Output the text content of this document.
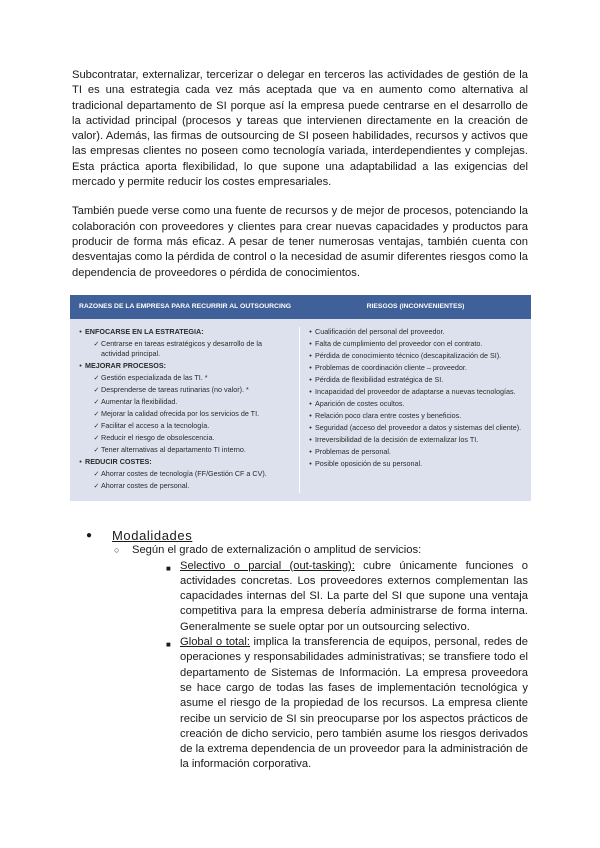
Subcontratar, externalizar, tercerizar o delegar en terceros las actividades de gestión de la TI es una estrategia cada vez más aceptada que va en aumento como alternativa al tradicional departamento de SI porque así la empresa puede centrarse en el desarrollo de la actividad principal (procesos y tareas que intervienen directamente en la creación de valor). Además, las firmas de outsourcing de SI poseen habilidades, recursos y activos que las empresas clientes no poseen como tecnología variada, interdependientes y complejas. Esta práctica aporta flexibilidad, lo que supone una adaptabilidad a las exigencias del mercado y permite reducir los costes empresariales.

También puede verse como una fuente de recursos y de mejor de procesos, potenciando la colaboración con proveedores y clientes para crear nuevas capacidades y productos para producir de forma más eficaz. A pesar de tener numerosas ventajas, también cuenta con desventajas como la pérdida de control o la necesidad de asumir diferentes riesgos como la dependencia de proveedores o pérdida de conocimientos.

RAZONES DE LA EMPRESA PARA RECURRIR AL OUTSOURCING	RIESGOS (INCONVENIENTES)
• ENFOCARSE EN LA ESTRATEGIA:
✓ Centrarse en tareas estratégicos y desarrollo de la actividad principal.
• MEJORAR PROCESOS:
✓ Gestión especializada de las TI. *
✓ Desprenderse de tareas rutinarias (no valor). *
✓ Aumentar la flexibilidad.
✓ Mejorar la calidad ofrecida por los servicios de TI.
✓ Facilitar el acceso a la tecnología.
✓ Reducir el riesgo de obsolescencia.
✓ Tener alternativas al departamento TI interno.
• REDUCIR COSTES:
✓ Ahorrar costes de tecnología (FF/Gestión CF a CV).
✓ Ahorrar costes de personal.
• Cualificación del personal del proveedor.
• Falta de cumplimiento del proveedor con el contrato.
• Pérdida de conocimiento técnico (descapitalización de SI).
• Problemas de coordinación cliente – proveedor.
• Pérdida de flexibilidad estratégica de SI.
• Incapacidad del proveedor de adaptarse a nuevas tecnologías.
• Aparición de costes ocultos.
• Relación poco clara entre costes y beneficios.
• Seguridad (acceso del proveedor a datos y sistemas del cliente).
• Irreversibilidad de la decisión de externalizar los TI.
• Problemas de personal.
• Posible oposición de su personal.
●	Modalidades
○	Según el grado de externalización o amplitud de servicios:
■ Selectivo o parcial (out-tasking): cubre únicamente funciones o actividades concretas. Los proveedores externos complementan las capacidades internas del SI. La parte del SI que supone una ventaja competitiva para la empresa debería administrarse de forma interna. Generalmente se suele optar por un outsourcing selectivo.
■ Global o total: implica la transferencia de equipos, personal, redes de operaciones y responsabilidades administrativas; se transfiere todo el departamento de Sistemas de Información. La empresa proveedora se hace cargo de todas las fases de implementación tecnológica y asume el riesgo de la propiedad de los recursos. La empresa cliente recibe un servicio de SI sin preocuparse por los aspectos prácticos de creación de dicho servicio, pero también asume los riesgos derivados de la extrema dependencia de un proveedor para la administración de la información corporativa.
